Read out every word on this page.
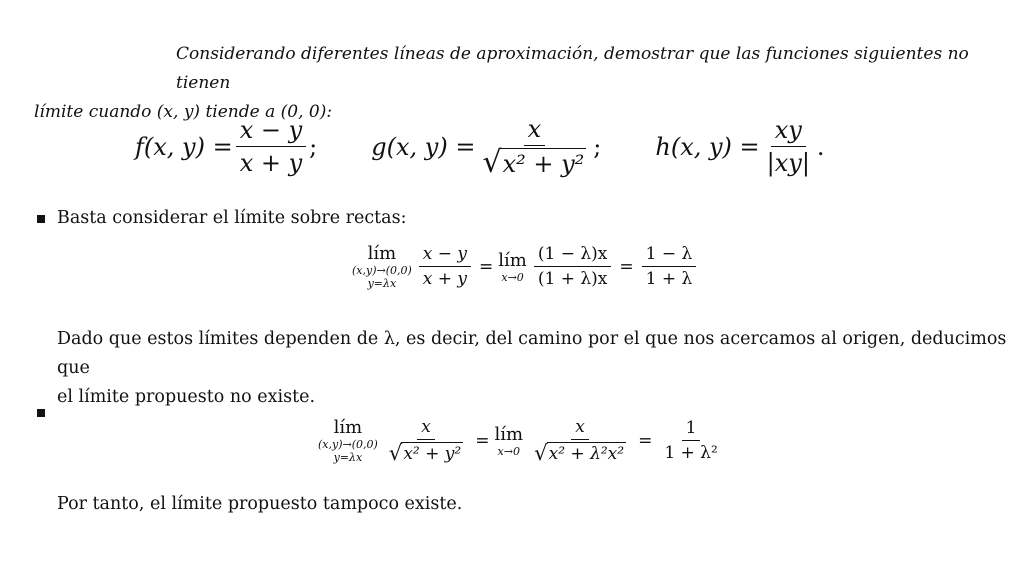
Considerando diferentes líneas de aproximación, demostrar que las funciones siguientes no tienen
límite cuando (x, y) tiende a (0, 0):
f(x, $y) = \frac{x - y}{x + y}$ ; g(x, $y) = \frac{x}{\text{√ x² + y²}}$ ; h(x, $y) = \frac{xy}{|xy|}$ .
Basta considerar el límite sobre rectas:
lím
(x,y)→(0,0)
$y=\lambda x \frac{x - y}{x + y}$ = lím
$x\to 0 \frac{(1 - \lambda)x}{(1 + \lambda)x} = \frac{1 - \lambda}{1 + \lambda}$
Dado que estos límites dependen de λ, es decir, del camino por el que nos acercamos al origen, deducimos que
el límite propuesto no existe.
lím
(x,y)→(0,0)
$y=\lambda x \frac{x}{\text{√ x² + y²}}$ = lím
$x\to 0 \frac{x}{\text{√ x² + λ²x²}} = \frac{1}{\text{1 + λ²}}$
Por tanto, el límite propuesto tampoco existe.
